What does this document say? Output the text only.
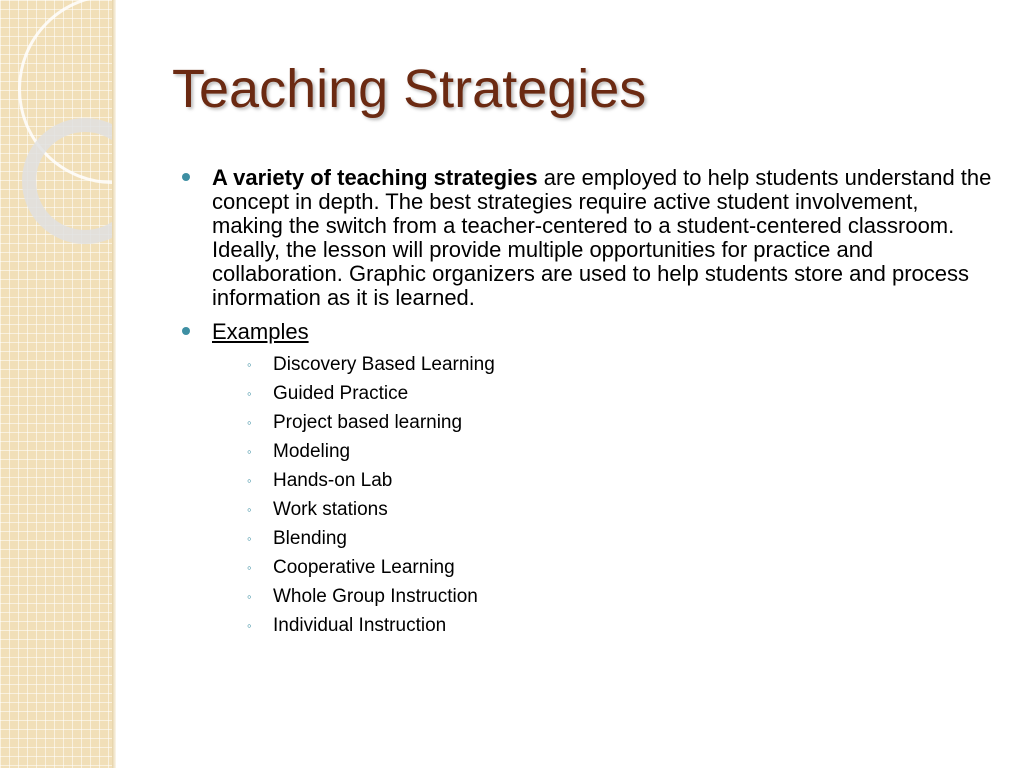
Teaching Strategies
A variety of teaching strategies are employed to help students understand the concept in depth. The best strategies require active student involvement, making the switch from a teacher-centered to a student-centered classroom. Ideally, the lesson will provide multiple opportunities for practice and collaboration. Graphic organizers are used to help students store and process information as it is learned.
Examples
◦ Discovery Based Learning
◦ Guided Practice
◦ Project based learning
◦ Modeling
◦ Hands-on Lab
◦ Work stations
◦ Blending
◦ Cooperative Learning
◦ Whole Group Instruction
◦ Individual Instruction
